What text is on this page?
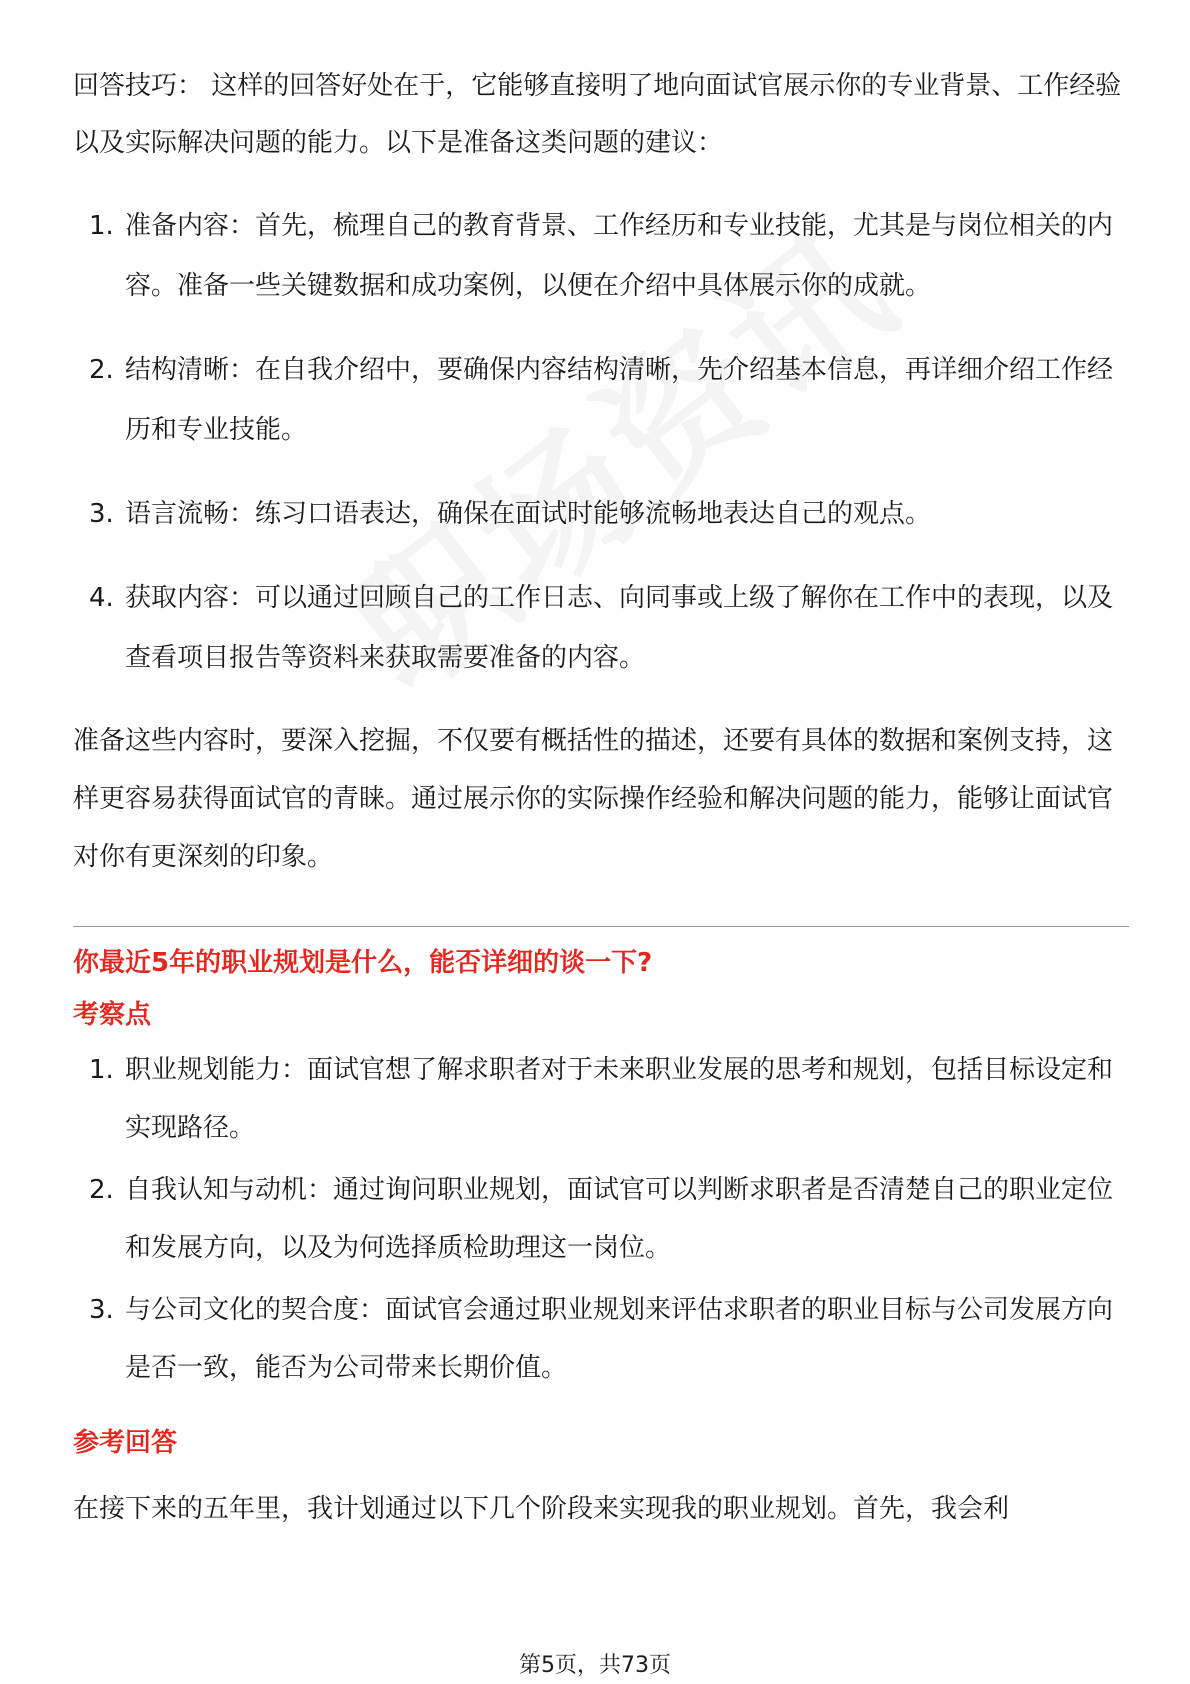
回答技巧： 这样的回答好处在于，它能够直接明了地向面试官展示你的专业背景、工作经验以及实际解决问题的能力。以下是准备这类问题的建议：

1. 准备内容：首先，梳理自己的教育背景、工作经历和专业技能，尤其是与岗位相关的内容。准备一些关键数据和成功案例，以便在介绍中具体展示你的成就。
2. 结构清晰：在自我介绍中，要确保内容结构清晰，先介绍基本信息，再详细介绍工作经历和专业技能。
3. 语言流畅：练习口语表达，确保在面试时能够流畅地表达自己的观点。
4. 获取内容：可以通过回顾自己的工作日志、向同事或上级了解你在工作中的表现，以及查看项目报告等资料来获取需要准备的内容。

准备这些内容时，要深入挖掘，不仅要有概括性的描述，还要有具体的数据和案例支持，这样更容易获得面试官的青睐。通过展示你的实际操作经验和解决问题的能力，能够让面试官对你有更深刻的印象。

你最近5年的职业规划是什么，能否详细的谈一下?
考察点
1. 职业规划能力：面试官想了解求职者对于未来职业发展的思考和规划，包括目标设定和实现路径。
2. 自我认知与动机：通过询问职业规划，面试官可以判断求职者是否清楚自己的职业定位和发展方向，以及为何选择质检助理这一岗位。
3. 与公司文化的契合度：面试官会通过职业规划来评估求职者的职业目标与公司发展方向是否一致，能否为公司带来长期价值。
参考回答

在接下来的五年里，我计划通过以下几个阶段来实现我的职业规划。首先，我会利

第5页，共73页
